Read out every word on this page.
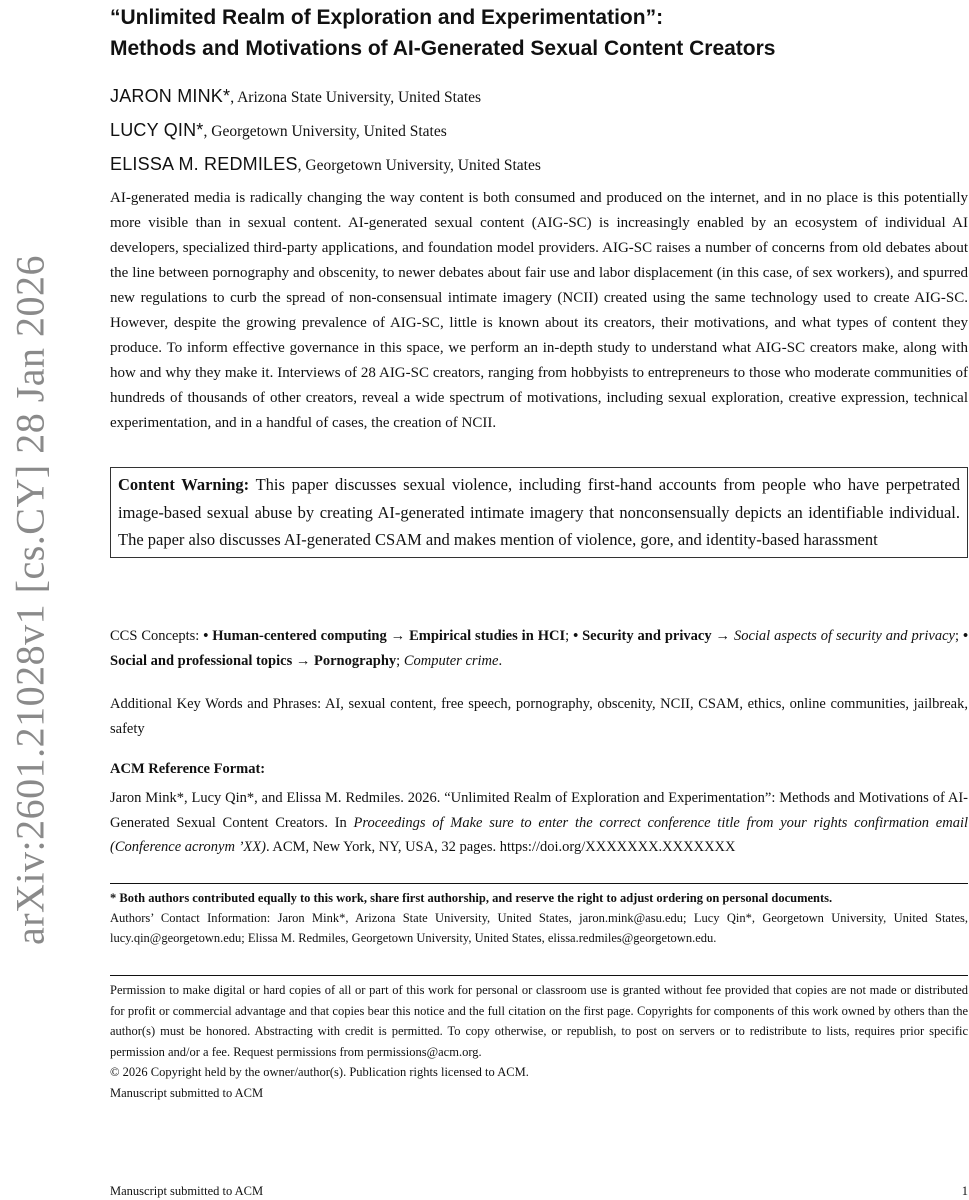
arXiv:2601.21028v1 [cs.CY] 28 Jan 2026
“Unlimited Realm of Exploration and Experimentation”:
Methods and Motivations of AI-Generated Sexual Content Creators
JARON MINK*, Arizona State University, United States
LUCY QIN*, Georgetown University, United States
ELISSA M. REDMILES, Georgetown University, United States
AI-generated media is radically changing the way content is both consumed and produced on the internet, and in no place is this potentially more visible than in sexual content. AI-generated sexual content (AIG-SC) is increasingly enabled by an ecosystem of individual AI developers, specialized third-party applications, and foundation model providers. AIG-SC raises a number of concerns from old debates about the line between pornography and obscenity, to newer debates about fair use and labor displacement (in this case, of sex workers), and spurred new regulations to curb the spread of non-consensual intimate imagery (NCII) created using the same technology used to create AIG-SC. However, despite the growing prevalence of AIG-SC, little is known about its creators, their motivations, and what types of content they produce. To inform effective governance in this space, we perform an in-depth study to understand what AIG-SC creators make, along with how and why they make it. Interviews of 28 AIG-SC creators, ranging from hobbyists to entrepreneurs to those who moderate communities of hundreds of thousands of other creators, reveal a wide spectrum of motivations, including sexual exploration, creative expression, technical experimentation, and in a handful of cases, the creation of NCII.
Content Warning: This paper discusses sexual violence, including first-hand accounts from people who have perpetrated image-based sexual abuse by creating AI-generated intimate imagery that nonconsensually depicts an identifiable individual. The paper also discusses AI-generated CSAM and makes mention of violence, gore, and identity-based harassment
CCS Concepts: • Human-centered computing → Empirical studies in HCI; • Security and privacy → Social aspects of security and privacy; • Social and professional topics → Pornography; Computer crime.
Additional Key Words and Phrases: AI, sexual content, free speech, pornography, obscenity, NCII, CSAM, ethics, online communities, jailbreak, safety
ACM Reference Format:
Jaron Mink*, Lucy Qin*, and Elissa M. Redmiles. 2026. “Unlimited Realm of Exploration and Experimentation”: Methods and Motivations of AI-Generated Sexual Content Creators. In Proceedings of Make sure to enter the correct conference title from your rights confirmation email (Conference acronym ’XX). ACM, New York, NY, USA, 32 pages. https://doi.org/XXXXXXX.XXXXXXX
* Both authors contributed equally to this work, share first authorship, and reserve the right to adjust ordering on personal documents.
Authors’ Contact Information: Jaron Mink*, Arizona State University, United States, jaron.mink@asu.edu; Lucy Qin*, Georgetown University, United States, lucy.qin@georgetown.edu; Elissa M. Redmiles, Georgetown University, United States, elissa.redmiles@georgetown.edu.
Permission to make digital or hard copies of all or part of this work for personal or classroom use is granted without fee provided that copies are not made or distributed for profit or commercial advantage and that copies bear this notice and the full citation on the first page. Copyrights for components of this work owned by others than the author(s) must be honored. Abstracting with credit is permitted. To copy otherwise, or republish, to post on servers or to redistribute to lists, requires prior specific permission and/or a fee. Request permissions from permissions@acm.org.
© 2026 Copyright held by the owner/author(s). Publication rights licensed to ACM.
Manuscript submitted to ACM
Manuscript submitted to ACM	1
